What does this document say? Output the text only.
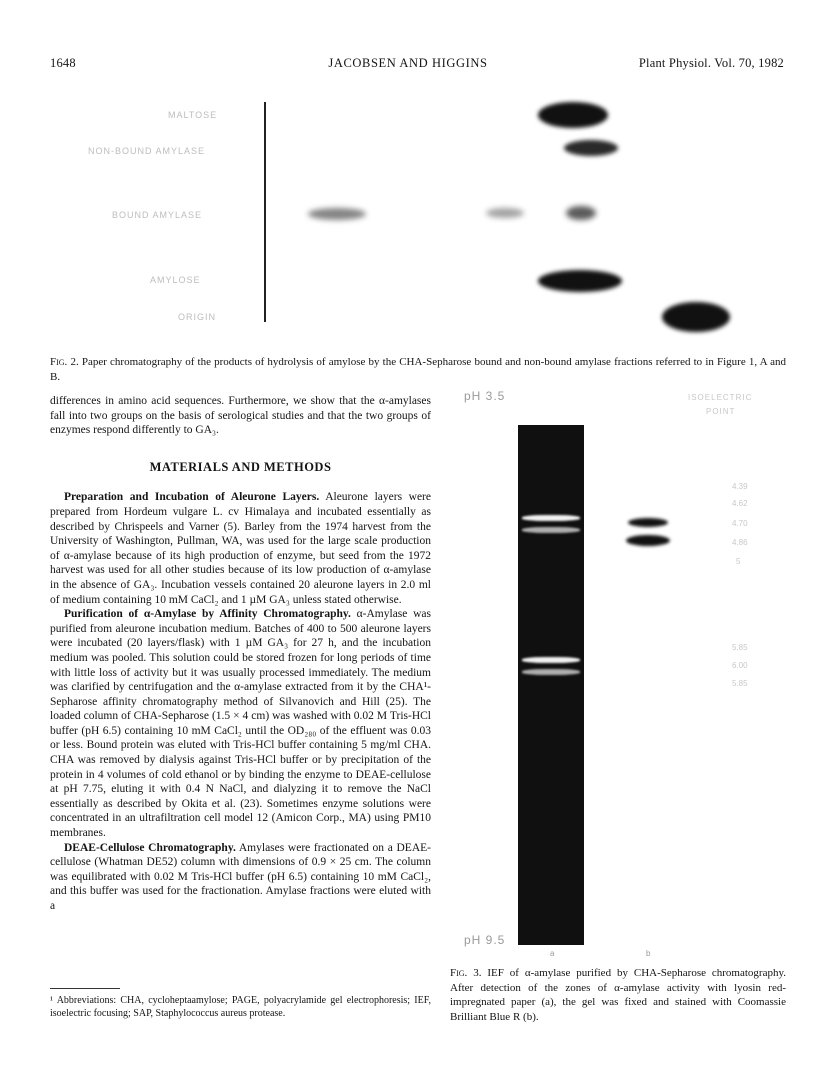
1648	JACOBSEN AND HIGGINS	Plant Physiol. Vol. 70, 1982
MALTOSE
NON-BOUND AMYLASE
BOUND AMYLASE
AMYLOSE
ORIGIN
Fig. 2. Paper chromatography of the products of hydrolysis of amylose by the CHA-Sepharose bound and non-bound amylase fractions referred to in Figure 1, A and B.

differences in amino acid sequences. Furthermore, we show that the α-amylases fall into two groups on the basis of serological studies and that the two groups of enzymes respond differently to GA₃.

MATERIALS AND METHODS

Preparation and Incubation of Aleurone Layers. Aleurone layers were prepared from Hordeum vulgare L. cv Himalaya and incubated essentially as described by Chrispeels and Varner (5). Barley from the 1974 harvest from the University of Washington, Pullman, WA, was used for the large scale production of α-amylase because of its high production of enzyme, but seed from the 1972 harvest was used for all other studies because of its low production of α-amylase in the absence of GA₃. Incubation vessels contained 20 aleurone layers in 2.0 ml of medium containing 10 mM CaCl₂ and 1 µM GA₃ unless stated otherwise.

Purification of α-Amylase by Affinity Chromatography. α-Amylase was purified from aleurone incubation medium. Batches of 400 to 500 aleurone layers were incubated (20 layers/flask) with 1 µM GA₃ for 27 h, and the incubation medium was pooled. This solution could be stored frozen for long periods of time with little loss of activity but it was usually processed immediately. The medium was clarified by centrifugation and the α-amylase extracted from it by the CHA¹-Sepharose affinity chromatography method of Silvanovich and Hill (25). The loaded column of CHA-Sepharose (1.5 × 4 cm) was washed with 0.02 M Tris-HCl buffer (pH 6.5) containing 10 mM CaCl₂ until the OD₂₈₀ of the effluent was 0.03 or less. Bound protein was eluted with Tris-HCl buffer containing 5 mg/ml CHA. CHA was removed by dialysis against Tris-HCl buffer or by precipitation of the protein in 4 volumes of cold ethanol or by binding the enzyme to DEAE-cellulose at pH 7.75, eluting it with 0.4 N NaCl, and dialyzing it to remove the NaCl essentially as described by Okita et al. (23). Sometimes enzyme solutions were concentrated in an ultrafiltration cell model 12 (Amicon Corp., MA) using PM10 membranes.

DEAE-Cellulose Chromatography. Amylases were fractionated on a DEAE-cellulose (Whatman DE52) column with dimensions of 0.9 × 25 cm. The column was equilibrated with 0.02 M Tris-HCl buffer (pH 6.5) containing 10 mM CaCl₂, and this buffer was used for the fractionation. Amylase fractions were eluted with a

pH 3.5	ISOELECTRIC
POINT
4.39
4.62
4.70
4.86
5
5.85
6.00
5.85
pH 9.5
a	b
Fig. 3. IEF of α-amylase purified by CHA-Sepharose chromatography. After detection of the zones of α-amylase activity with lyosin red-impregnated paper (a), the gel was fixed and stained with Coomassie Brilliant Blue R (b).
¹ Abbreviations: CHA, cycloheptaamylose; PAGE, polyacrylamide gel electrophoresis; IEF, isoelectric focusing; SAP, Staphylococcus aureus protease.
